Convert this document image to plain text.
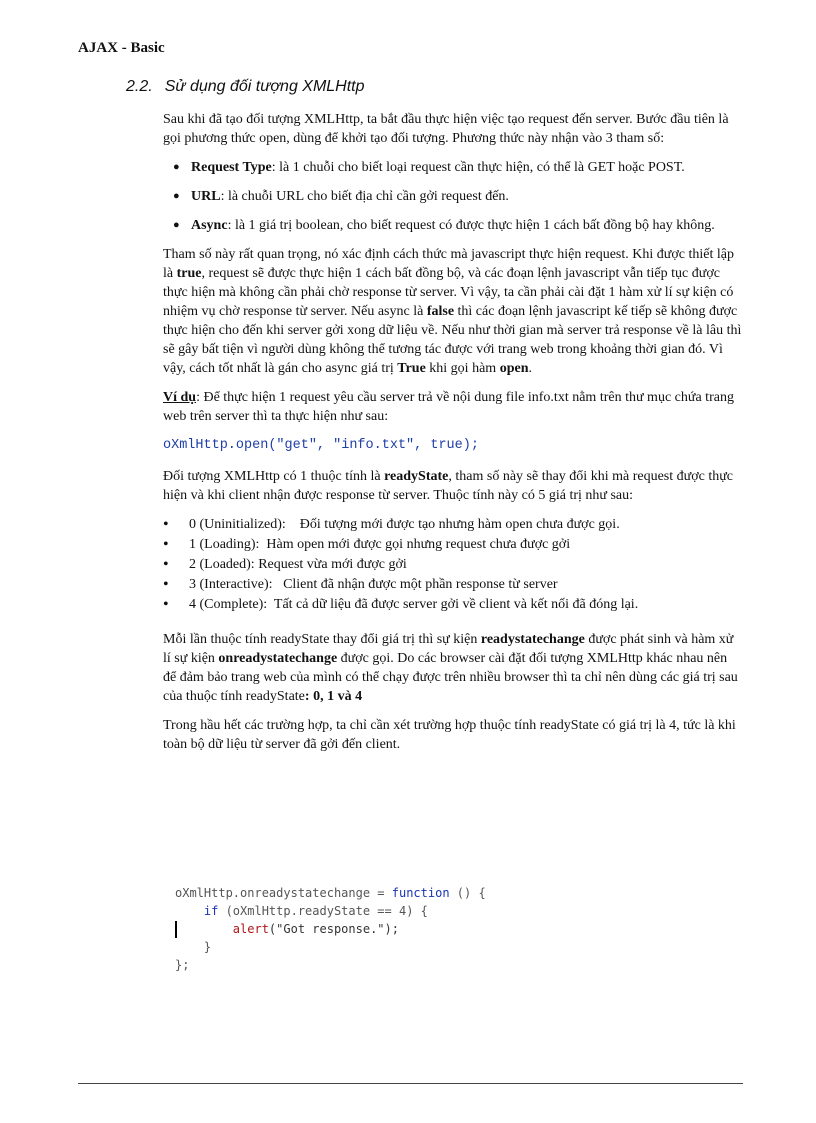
AJAX - Basic
2.2. Sử dụng đối tượng XMLHttp

Sau khi đã tạo đối tượng XMLHttp, ta bắt đầu thực hiện việc tạo request đến server. Bước đầu tiên là gọi phương thức open, dùng để khởi tạo đối tượng. Phương thức này nhận vào 3 tham số:

● Request Type: là 1 chuỗi cho biết loại request cần thực hiện, có thể là GET hoặc POST.
● URL: là chuỗi URL cho biết địa chỉ cần gởi request đến.
● Async: là 1 giá trị boolean, cho biết request có được thực hiện 1 cách bất đồng bộ hay không.

Tham số này rất quan trọng, nó xác định cách thức mà javascript thực hiện request. Khi được thiết lập là true, request sẽ được thực hiện 1 cách bất đồng bộ, và các đoạn lệnh javascript vẫn tiếp tục được thực hiện mà không cần phải chờ response từ server. Vì vậy, ta cần phải cài đặt 1 hàm xử lí sự kiện có nhiệm vụ chờ response từ server. Nếu async là false thì các đoạn lệnh javascript kế tiếp sẽ không được thực hiện cho đến khi server gởi xong dữ liệu về. Nếu như thời gian mà server trả response về là lâu thì sẽ gây bất tiện vì người dùng không thể tương tác được với trang web trong khoảng thời gian đó. Vì vậy, cách tốt nhất là gán cho async giá trị True khi gọi hàm open.

Ví dụ: Để thực hiện 1 request yêu cầu server trả về nội dung file info.txt nằm trên thư mục chứa trang web trên server thì ta thực hiện như sau:

oXmlHttp.open("get", "info.txt", true);

Đối tượng XMLHttp có 1 thuộc tính là readyState, tham số này sẽ thay đổi khi mà request được thực hiện và khi client nhận được response từ server. Thuộc tính này có 5 giá trị như sau:

• 0 (Uninitialized):    Đối tượng mới được tạo nhưng hàm open chưa được gọi.
• 1 (Loading):  Hàm open mới được gọi nhưng request chưa được gởi
• 2 (Loaded): Request vừa mới được gởi
• 3 (Interactive):   Client đã nhận được một phần response từ server
• 4 (Complete):  Tất cả dữ liệu đã được server gởi về client và kết nối đã đóng lại.

Mỗi lần thuộc tính readyState thay đổi giá trị thì sự kiện readystatechange được phát sinh và hàm xử lí sự kiện onreadystatechange được gọi. Do các browser cài đặt đối tượng XMLHttp khác nhau nên để đảm bảo trang web của mình có thể chạy được trên nhiều browser thì ta chỉ nên dùng các giá trị sau của thuộc tính readyState: 0, 1 và 4

Trong hầu hết các trường hợp, ta chỉ cần xét trường hợp thuộc tính readyState có giá trị là 4, tức là khi toàn bộ dữ liệu từ server đã gởi đến client.

oXmlHttp.onreadystatechange = function () {
if (oXmlHttp.readyState == 4) {
alert("Got response.");
}
};
